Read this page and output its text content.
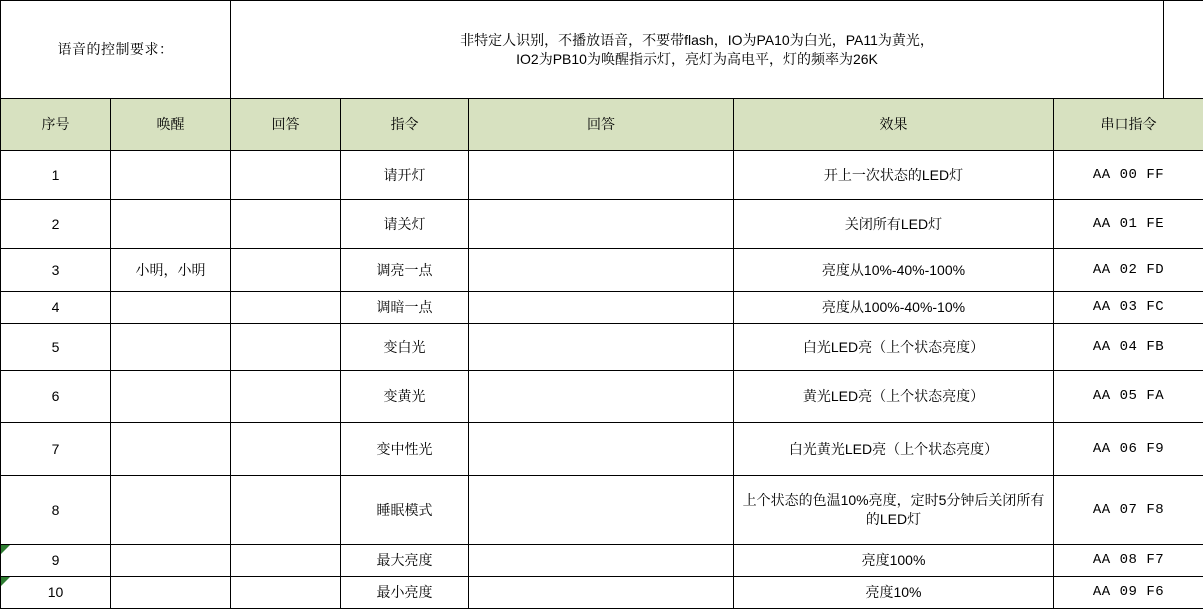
语音的控制要求：		非特定人识别，不播放语音，不要带flash，IO为PA10为白光，PA11为黄光，
IO2为PB10为唤醒指示灯，亮灯为高电平，灯的频率为26K					

序号	唤醒	回答	指令	回答	效果	串口指令	
1			请开灯		开上一次状态的LED灯	AA 00 FF	
2			请关灯		关闭所有LED灯	AA 01 FE	
3	小明，小明		调亮一点		亮度从10%-40%-100%	AA 02 FD	
4			调暗一点		亮度从100%-40%-10%	AA 03 FC	
5			变白光		白光LED亮（上个状态亮度）	AA 04 FB	
6			变黄光		黄光LED亮（上个状态亮度）	AA 05 FA	
7			变中性光		白光黄光LED亮（上个状态亮度）	AA 06 F9	
8			睡眠模式		上个状态的色温10%亮度，定时5分钟后关闭所有的LED灯	AA 07 F8	
9			最大亮度		亮度100%	AA 08 F7	
10			最小亮度		亮度10%	AA 09 F6	
